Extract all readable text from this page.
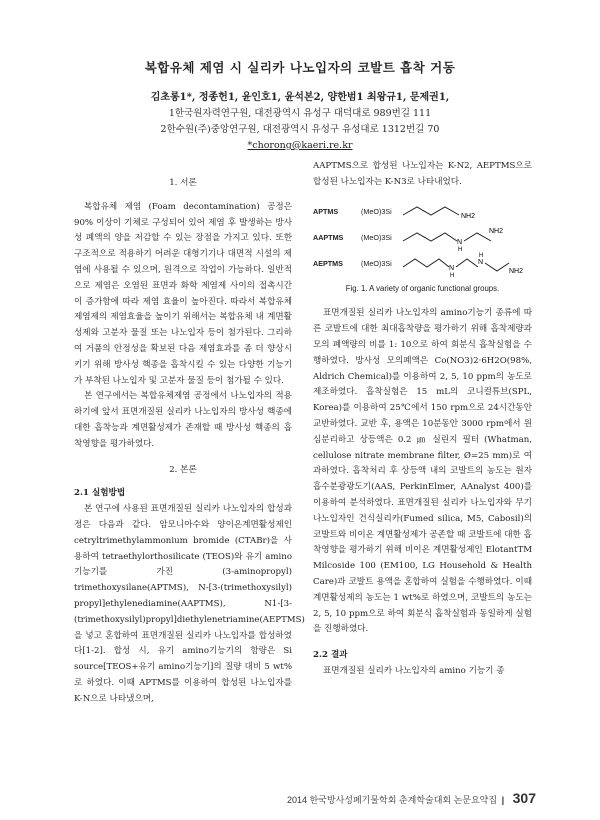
복합유체 제염 시 실리카 나노입자의 코발트 흡착 거동
김초롱1*, 정종헌1, 윤인호1, 윤석본2, 양한범1 최왕규1, 문제권1,
1한국원자력연구원, 대전광역시 유성구 대덕대로 989번길 111
2한수원(주)중앙연구원, 대전광역시 유성구 유성대로 1312번길 70
*chorong@kaeri.re.kr

1. 서론

복합유체 제염 (Foam decontamination) 공정은 90% 이상이 기체로 구성되어 있어 제염 후 발생하는 방사성 폐액의 양을 저감할 수 있는 장점을 가지고 있다. 또한 구조적으로 적용하기 어려운 대형기기나 대면적 시설의 제염에 사용될 수 있으며, 원격으로 작업이 가능하다. 일반적으로 제염은 오염된 표면과 화학 제염제 사이의 접촉시간이 증가함에 따라 제염 효율이 높아진다. 따라서 복합유체 제염제의 제염효율을 높이기 위해서는 복합유체 내 계면활성제와 고분자 물질 또는 나노입자 등이 첨가된다. 그리하여 거품의 안정성을 확보된 다음 제염효과를 좀 더 향상시키기 위해 방사성 핵종을 흡착시킬 수 있는 다양한 기능기가 부착된 나노입자 및 고분자 물질 등이 첨가될 수 있다.

본 연구에서는 복합유체제염 공정에서 나노입자의 적용하기에 앞서 표면개질된 실리카 나노입자의 방사성 핵종에 대한 흡착능과 계면활성제가 존재할 때 방사성 핵종의 흡착영향을 평가하였다.

2. 본론

2.1 실험방법

본 연구에 사용된 표면개질된 실리카 나노입자의 합성과정은 다음과 같다. 암모니아수와 양이온계면활성제인 cetryltrimethylammonium bromide (CTABr)을 사용하여 tetraethylorthosilicate (TEOS)와 유기 amino 기능기를 가진 (3-aminopropyl) trimethoxysilane(APTMS), N-[3-(trimethoxysilyl) propyl]ethylenediamine(AAPTMS), N1-[3-(trimethoxysilyl)propyl]diethylenetriamine(AEPTMS)을 넣고 혼합하여 표면개질된 실리카 나노입자를 합성하였다[1-2]. 합성 시, 유기 amino기능기의 함량은 Si source[TEOS+유기 amino기능기]의 질량 대비 5 wt%로 하였다. 이때 APTMS를 이용하여 합성된 나노입자를 K-N으로 나타냈으며,

AAPTMS으로 합성된 나노입자는 K-N2, AEPTMS으로 합성된 나노입자는 K-N3로 나타내었다.

APTMS	(MeO)3Si
NH2
AAPTMS	(MeO)3Si
N
H
NH2
AEPTMS	(MeO)3Si
N
H
N
H
NH2
Fig. 1. A variety of organic functional groups.

표면개질된 실리카 나노입자의 amino기능기 종류에 따른 코발트에 대한 최대흡착량을 평가하기 위해 흡착제량과 모의 폐액량의 비를 1: 10으로 하여 회분식 흡착실험을 수행하였다. 방사성 모의폐액은 Co(NO3)2·6H2O(98%, Aldrich Chemical)를 이용하여 2, 5, 10 ppm의 농도로 제조하였다. 흡착실험은 15 mL의 코니컬튜브(SPL, Korea)를 이용하여 25℃에서 150 rpm으로 24시간동안 교반하였다. 교반 후, 용액은 10분동안 3000 rpm에서 원심분리하고 상등액은 0.2 ㎛ 실린지 필터 (Whatman, cellulose nitrate membrane filter, Ø=25 mm)로 여과하였다. 흡착처리 후 상등액 내의 코발트의 농도는 원자흡수분광광도기(AAS, PerkinElmer, AAnalyst 400)를 이용하여 분석하였다. 표면개질된 실리카 나노입자와 무기 나노입자인 건식실리카(Fumed silica, M5, Cabosil)의 코발트와 비이온 계면활성제가 공존할 때 코발트에 대한 흡착영향을 평가하기 위해 비이온 계면활성제인 ElotantTM Milcoside 100 (EM100, LG Household & Health Care)과 코발트 용액을 혼합하여 실험을 수행하였다. 이때 계면활성제의 농도는 1 wt%로 하였으며, 코발트의 농도는 2, 5, 10 ppm으로 하여 회분식 흡착실험과 동일하게 실험을 진행하였다.

2.2 결과

표면개질된 실리카 나노입자의 amino 기능기 종

2014 한국방사성폐기물학회 춘계학술대회 논문요약집 | 307
